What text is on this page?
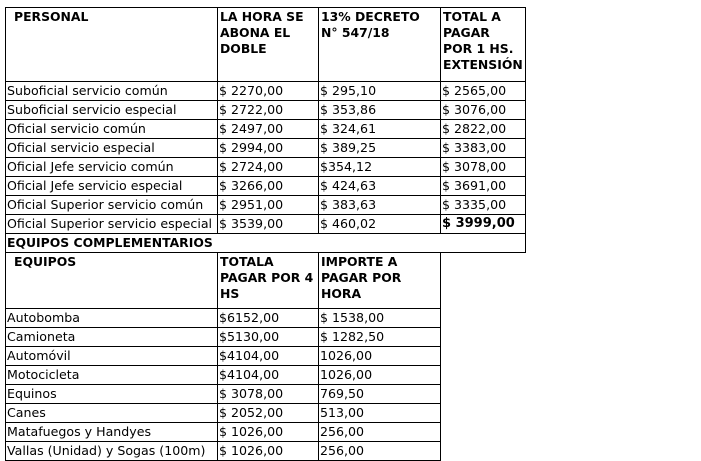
PERSONAL	LA HORA SE ABONA EL DOBLE	13% DECRETO N° 547/18	TOTAL A PAGAR POR 1 HS. EXTENSIÓN	
Suboficial servicio común	$ 2270,00	$ 295,10	$ 2565,00	
Suboficial servicio especial	$ 2722,00	$ 353,86	$ 3076,00	
Oficial servicio común	$ 2497,00	$ 324,61	$ 2822,00	
Oficial servicio especial	$ 2994,00	$ 389,25	$ 3383,00	
Oficial Jefe servicio común	$ 2724,00	$354,12	$ 3078,00	
Oficial Jefe servicio especial	$ 3266,00	$ 424,63	$ 3691,00	
Oficial Superior servicio común	$ 2951,00	$ 383,63	$ 3335,00	
Oficial Superior servicio especial	$ 3539,00	$ 460,02	$ 3999,00	
EQUIPOS COMPLEMENTARIOS				
EQUIPOS	TOTALA PAGAR POR 4 HS	IMPORTE A PAGAR POR HORA
Autobomba	$6152,00	$ 1538,00
Camioneta	$5130,00	$ 1282,50
Automóvil	$4104,00	1026,00
Motocicleta	$4104,00	1026,00
Equinos	$ 3078,00	769,50
Canes	$ 2052,00	513,00
Matafuegos y Handyes	$ 1026,00	256,00
Vallas (Unidad) y Sogas (100m)	$ 1026,00	256,00
